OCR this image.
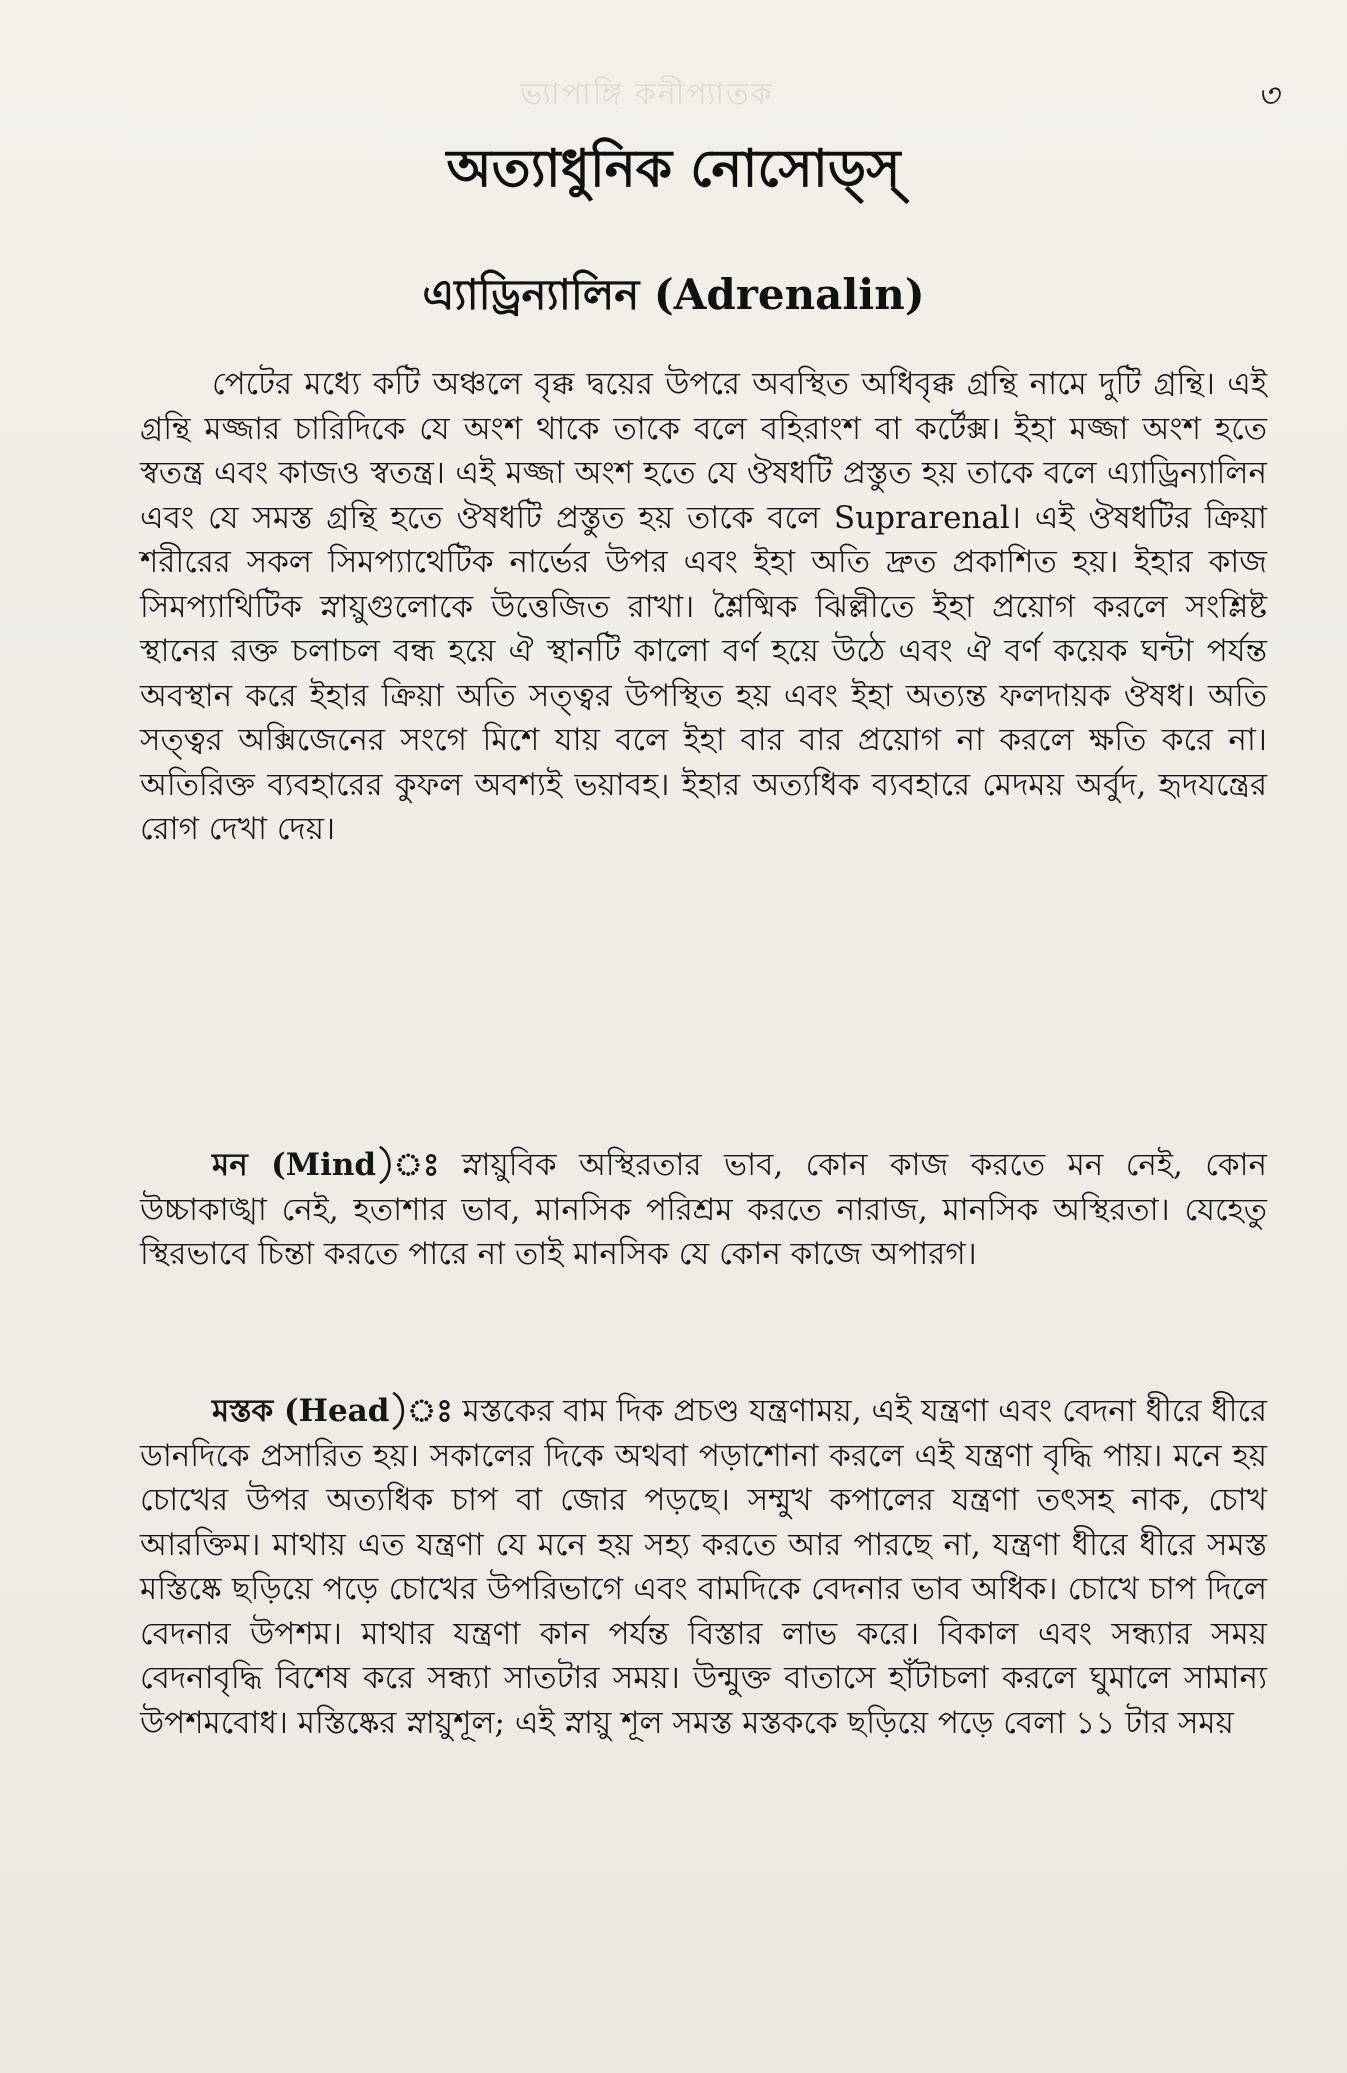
ভ্যাপাঙ্গি কনীপ্যাতক	৩
অত্যাধুনিক নোসোড্‌স্‌
এ্যাড্রিন্যালিন (Adrenalin)

পেটের মধ্যে কটি অঞ্চলে বৃক্ক দ্বয়ের উপরে অবস্থিত অধিবৃক্ক গ্রন্থি নামে দুটি গ্রন্থি। এই গ্রন্থি মজ্জার চারিদিকে যে অংশ থাকে তাকে বলে বহিরাংশ বা কর্টেক্স। ইহা মজ্জা অংশ হতে স্বতন্ত্র এবং কাজও স্বতন্ত্র। এই মজ্জা অংশ হতে যে ঔষধটি প্রস্তুত হয় তাকে বলে এ্যাড্রিন্যালিন এবং যে সমস্ত গ্রন্থি হতে ঔষধটি প্রস্তুত হয় তাকে বলে Suprarenal। এই ঔষধটির ক্রিয়া শরীরের সকল সিমপ্যাথেটিক নার্ভের উপর এবং ইহা অতি দ্রুত প্রকাশিত হয়। ইহার কাজ সিমপ্যাথিটিক স্নায়ুগুলোকে উত্তেজিত রাখা। শ্লৈষ্মিক ঝিল্লীতে ইহা প্রয়োগ করলে সংশ্লিষ্ট স্থানের রক্ত চলাচল বন্ধ হয়ে ঐ স্থানটি কালো বর্ণ হয়ে উঠে এবং ঐ বর্ণ কয়েক ঘন্টা পর্যন্ত অবস্থান করে ইহার ক্রিয়া অতি সত্ত্বর উপস্থিত হয় এবং ইহা অত্যন্ত ফলদায়ক ঔষধ। অতি সত্ত্বর অক্সিজেনের সংগে মিশে যায় বলে ইহা বার বার প্রয়োগ না করলে ক্ষতি করে না। অতিরিক্ত ব্যবহারের কুফল অবশ্যই ভয়াবহ। ইহার অত্যধিক ব্যবহারে মেদময় অর্বুদ, হৃদযন্ত্রের রোগ দেখা দেয়।

মন (Mind)ঃ স্নায়ুবিক অস্থিরতার ভাব, কোন কাজ করতে মন নেই, কোন উচ্চাকাঙ্খা নেই, হতাশার ভাব, মানসিক পরিশ্রম করতে নারাজ, মানসিক অস্থিরতা। যেহেতু স্থিরভাবে চিন্তা করতে পারে না তাই মানসিক যে কোন কাজে অপারগ।

মস্তক (Head)ঃ মস্তকের বাম দিক প্রচণ্ড যন্ত্রণাময়, এই যন্ত্রণা এবং বেদনা ধীরে ধীরে ডানদিকে প্রসারিত হয়। সকালের দিকে অথবা পড়াশোনা করলে এই যন্ত্রণা বৃদ্ধি পায়। মনে হয় চোখের উপর অত্যধিক চাপ বা জোর পড়ছে। সম্মুখ কপালের যন্ত্রণা তৎসহ নাক, চোখ আরক্তিম। মাথায় এত যন্ত্রণা যে মনে হয় সহ্য করতে আর পারছে না, যন্ত্রণা ধীরে ধীরে সমস্ত মস্তিষ্কে ছড়িয়ে পড়ে চোখের উপরিভাগে এবং বামদিকে বেদনার ভাব অধিক। চোখে চাপ দিলে বেদনার উপশম। মাথার যন্ত্রণা কান পর্যন্ত বিস্তার লাভ করে। বিকাল এবং সন্ধ্যার সময় বেদনাবৃদ্ধি বিশেষ করে সন্ধ্যা সাতটার সময়। উন্মুক্ত বাতাসে হাঁটাচলা করলে ঘুমালে সামান্য উপশমবোধ। মস্তিষ্কের স্নায়ুশূল; এই স্নায়ু শূল সমস্ত মস্তককে ছড়িয়ে পড়ে বেলা ১১ টার সময়
